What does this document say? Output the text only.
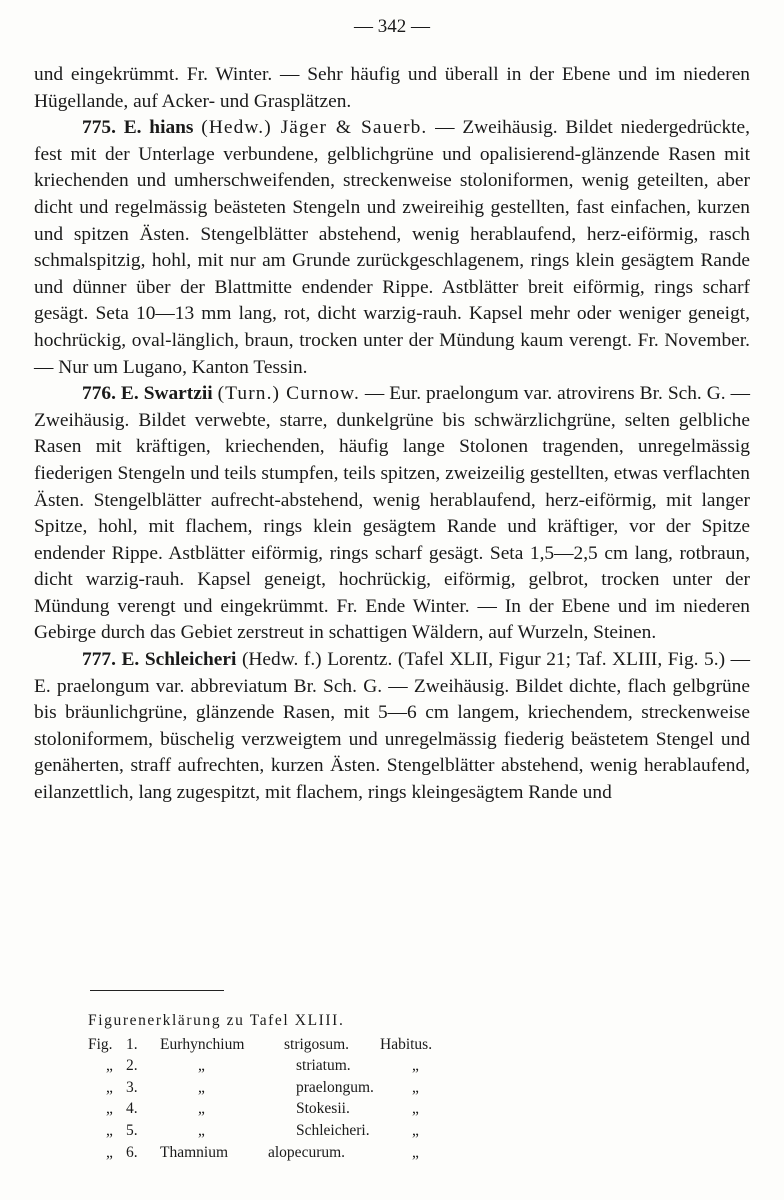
— 342 —

und eingekrümmt. Fr. Winter. — Sehr häufig und überall in der Ebene und im niederen Hügellande, auf Acker- und Grasplätzen.

775. E. hians (Hedw.) Jäger & Sauerb. — Zweihäusig. Bildet niedergedrückte, fest mit der Unterlage verbundene, gelblichgrüne und opalisierend-glänzende Rasen mit kriechenden und umherschweifenden, streckenweise stoloniformen, wenig geteilten, aber dicht und regelmässig beästeten Stengeln und zweireihig gestellten, fast einfachen, kurzen und spitzen Ästen. Stengelblätter abstehend, wenig herablaufend, herz-eiförmig, rasch schmalspitzig, hohl, mit nur am Grunde zurückgeschlagenem, rings klein gesägtem Rande und dünner über der Blattmitte endender Rippe. Astblätter breit eiförmig, rings scharf gesägt. Seta 10—13 mm lang, rot, dicht warzig-rauh. Kapsel mehr oder weniger geneigt, hochrückig, oval-länglich, braun, trocken unter der Mündung kaum verengt. Fr. November. — Nur um Lugano, Kanton Tessin.

776. E. Swartzii (Turn.) Curnow. — Eur. praelongum var. atrovirens Br. Sch. G. — Zweihäusig. Bildet verwebte, starre, dunkelgrüne bis schwärzlichgrüne, selten gelbliche Rasen mit kräftigen, kriechenden, häufig lange Stolonen tragenden, unregelmässig fiederigen Stengeln und teils stumpfen, teils spitzen, zweizeilig gestellten, etwas verflachten Ästen. Stengelblätter aufrecht-abstehend, wenig herablaufend, herz-eiförmig, mit langer Spitze, hohl, mit flachem, rings klein gesägtem Rande und kräftiger, vor der Spitze endender Rippe. Astblätter eiförmig, rings scharf gesägt. Seta 1,5—2,5 cm lang, rotbraun, dicht warzig-rauh. Kapsel geneigt, hochrückig, eiförmig, gelbrot, trocken unter der Mündung verengt und eingekrümmt. Fr. Ende Winter. — In der Ebene und im niederen Gebirge durch das Gebiet zerstreut in schattigen Wäldern, auf Wurzeln, Steinen.

777. E. Schleicheri (Hedw. f.) Lorentz. (Tafel XLII, Figur 21; Taf. XLIII, Fig. 5.) — E. praelongum var. abbreviatum Br. Sch. G. — Zweihäusig. Bildet dichte, flach gelbgrüne bis bräunlichgrüne, glänzende Rasen, mit 5—6 cm langem, kriechendem, streckenweise stoloniformem, büschelig verzweigtem und unregelmässig fiederig beästetem Stengel und genäherten, straff aufrechten, kurzen Ästen. Stengelblätter abstehend, wenig herablaufend, eilanzettlich, lang zugespitzt, mit flachem, rings kleingesägtem Rande und

Figurenerklärung zu Tafel XLIII.
Fig. 1. Eurhynchium	strigosum. Habitus.
„ 2.	„	striatum.	„
„ 3.	„	praelongum. „
„ 4.	„	Stokesii.	„
„ 5.	„	Schleicheri.	„
„ 6. Thamnium	alopecurum.	„
